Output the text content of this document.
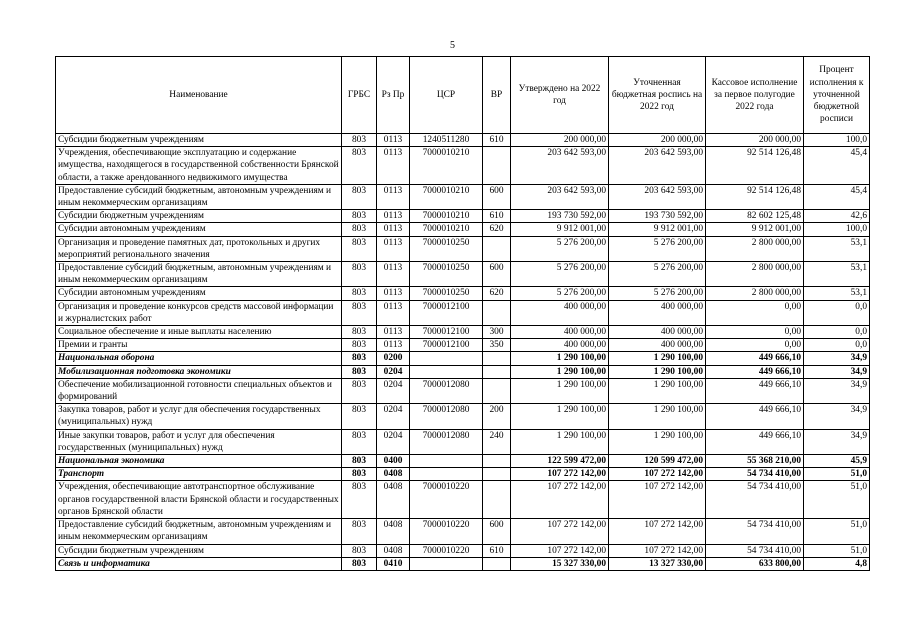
5
Наименование	ГРБС	Рз Пр	ЦСР	ВР	Утверждено на 2022 год	Уточненная бюджетная роспись на 2022 год	Кассовое исполнение за первое полугодие 2022 года	Процент исполнения к уточненной бюджетной росписи
Субсидии бюджетным учреждениям	803	0113	1240511280	610	200 000,00	200 000,00	200 000,00	100,0
Учреждения, обеспечивающие эксплуатацию и содержание имущества, находящегося в государственной собственности Брянской области, а также арендованного недвижимого имущества	803	0113	7000010210		203 642 593,00	203 642 593,00	92 514 126,48	45,4
Предоставление субсидий бюджетным, автономным учреждениям и иным некоммерческим организациям	803	0113	7000010210	600	203 642 593,00	203 642 593,00	92 514 126,48	45,4
Субсидии бюджетным учреждениям	803	0113	7000010210	610	193 730 592,00	193 730 592,00	82 602 125,48	42,6
Субсидии автономным учреждениям	803	0113	7000010210	620	9 912 001,00	9 912 001,00	9 912 001,00	100,0
Организация и проведение памятных дат, протокольных и других мероприятий регионального значения	803	0113	7000010250		5 276 200,00	5 276 200,00	2 800 000,00	53,1
Предоставление субсидий бюджетным, автономным учреждениям и иным некоммерческим организациям	803	0113	7000010250	600	5 276 200,00	5 276 200,00	2 800 000,00	53,1
Субсидии автономным учреждениям	803	0113	7000010250	620	5 276 200,00	5 276 200,00	2 800 000,00	53,1
Организация и проведение конкурсов средств массовой информации и журналистских работ	803	0113	7000012100		400 000,00	400 000,00	0,00	0,0
Социальное обеспечение и иные выплаты населению	803	0113	7000012100	300	400 000,00	400 000,00	0,00	0,0
Премии и гранты	803	0113	7000012100	350	400 000,00	400 000,00	0,00	0,0
Национальная оборона	803	0200			1 290 100,00	1 290 100,00	449 666,10	34,9
Мобилизационная подготовка экономики	803	0204			1 290 100,00	1 290 100,00	449 666,10	34,9
Обеспечение мобилизационной готовности специальных объектов и формирований	803	0204	7000012080		1 290 100,00	1 290 100,00	449 666,10	34,9
Закупка товаров, работ и услуг для обеспечения государственных (муниципальных) нужд	803	0204	7000012080	200	1 290 100,00	1 290 100,00	449 666,10	34,9
Иные закупки товаров, работ и услуг для обеспечения государственных (муниципальных) нужд	803	0204	7000012080	240	1 290 100,00	1 290 100,00	449 666,10	34,9
Национальная экономика	803	0400			122 599 472,00	120 599 472,00	55 368 210,00	45,9
Транспорт	803	0408			107 272 142,00	107 272 142,00	54 734 410,00	51,0
Учреждения, обеспечивающие автотранспортное обслуживание органов государственной власти Брянской области и государственных органов Брянской области	803	0408	7000010220		107 272 142,00	107 272 142,00	54 734 410,00	51,0
Предоставление субсидий бюджетным, автономным учреждениям и иным некоммерческим организациям	803	0408	7000010220	600	107 272 142,00	107 272 142,00	54 734 410,00	51,0
Субсидии бюджетным учреждениям	803	0408	7000010220	610	107 272 142,00	107 272 142,00	54 734 410,00	51,0
Связь и информатика	803	0410			15 327 330,00	13 327 330,00	633 800,00	4,8
